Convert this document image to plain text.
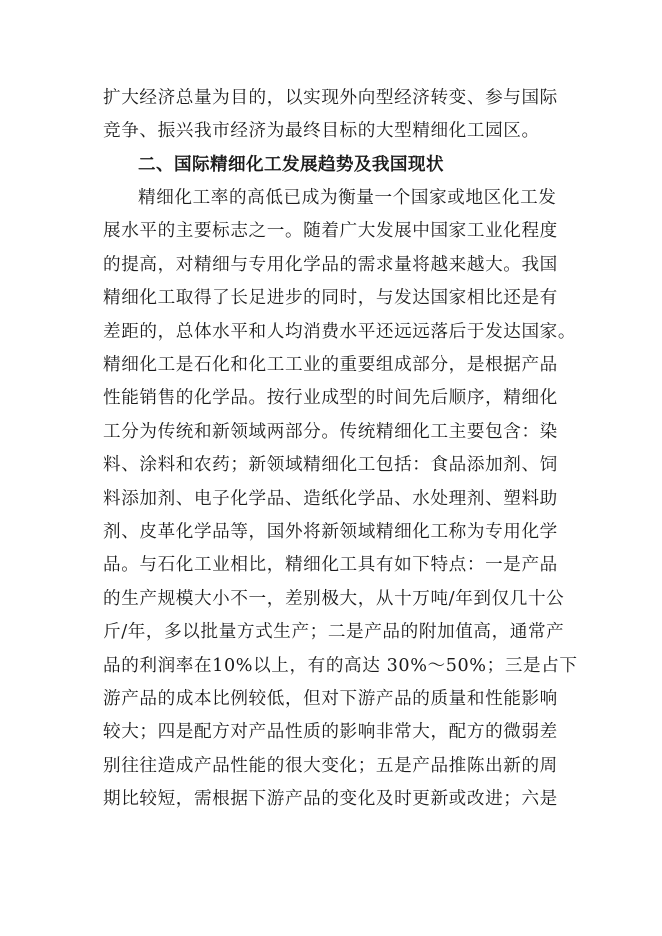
扩大经济总量为目的，以实现外向型经济转变、参与国际
竞争、振兴我市经济为最终目标的大型精细化工园区。
二、国际精细化工发展趋势及我国现状
精细化工率的高低已成为衡量一个国家或地区化工发
展水平的主要标志之一。随着广大发展中国家工业化程度
的提高，对精细与专用化学品的需求量将越来越大。我国
精细化工取得了长足进步的同时，与发达国家相比还是有
差距的，总体水平和人均消费水平还远远落后于发达国家。
精细化工是石化和化工工业的重要组成部分，是根据产品
性能销售的化学品。按行业成型的时间先后顺序，精细化
工分为传统和新领域两部分。传统精细化工主要包含：染
料、涂料和农药；新领域精细化工包括：食品添加剂、饲
料添加剂、电子化学品、造纸化学品、水处理剂、塑料助
剂、皮革化学品等，国外将新领域精细化工称为专用化学
品。与石化工业相比，精细化工具有如下特点：一是产品
的生产规模大小不一，差别极大，从十万吨/年到仅几十公
斤/年，多以批量方式生产；二是产品的附加值高，通常产
品的利润率在10%以上，有的高达 30%～50%；三是占下
游产品的成本比例较低，但对下游产品的质量和性能影响
较大；四是配方对产品性质的影响非常大，配方的微弱差
别往往造成产品性能的很大变化；五是产品推陈出新的周
期比较短，需根据下游产品的变化及时更新或改进；六是
